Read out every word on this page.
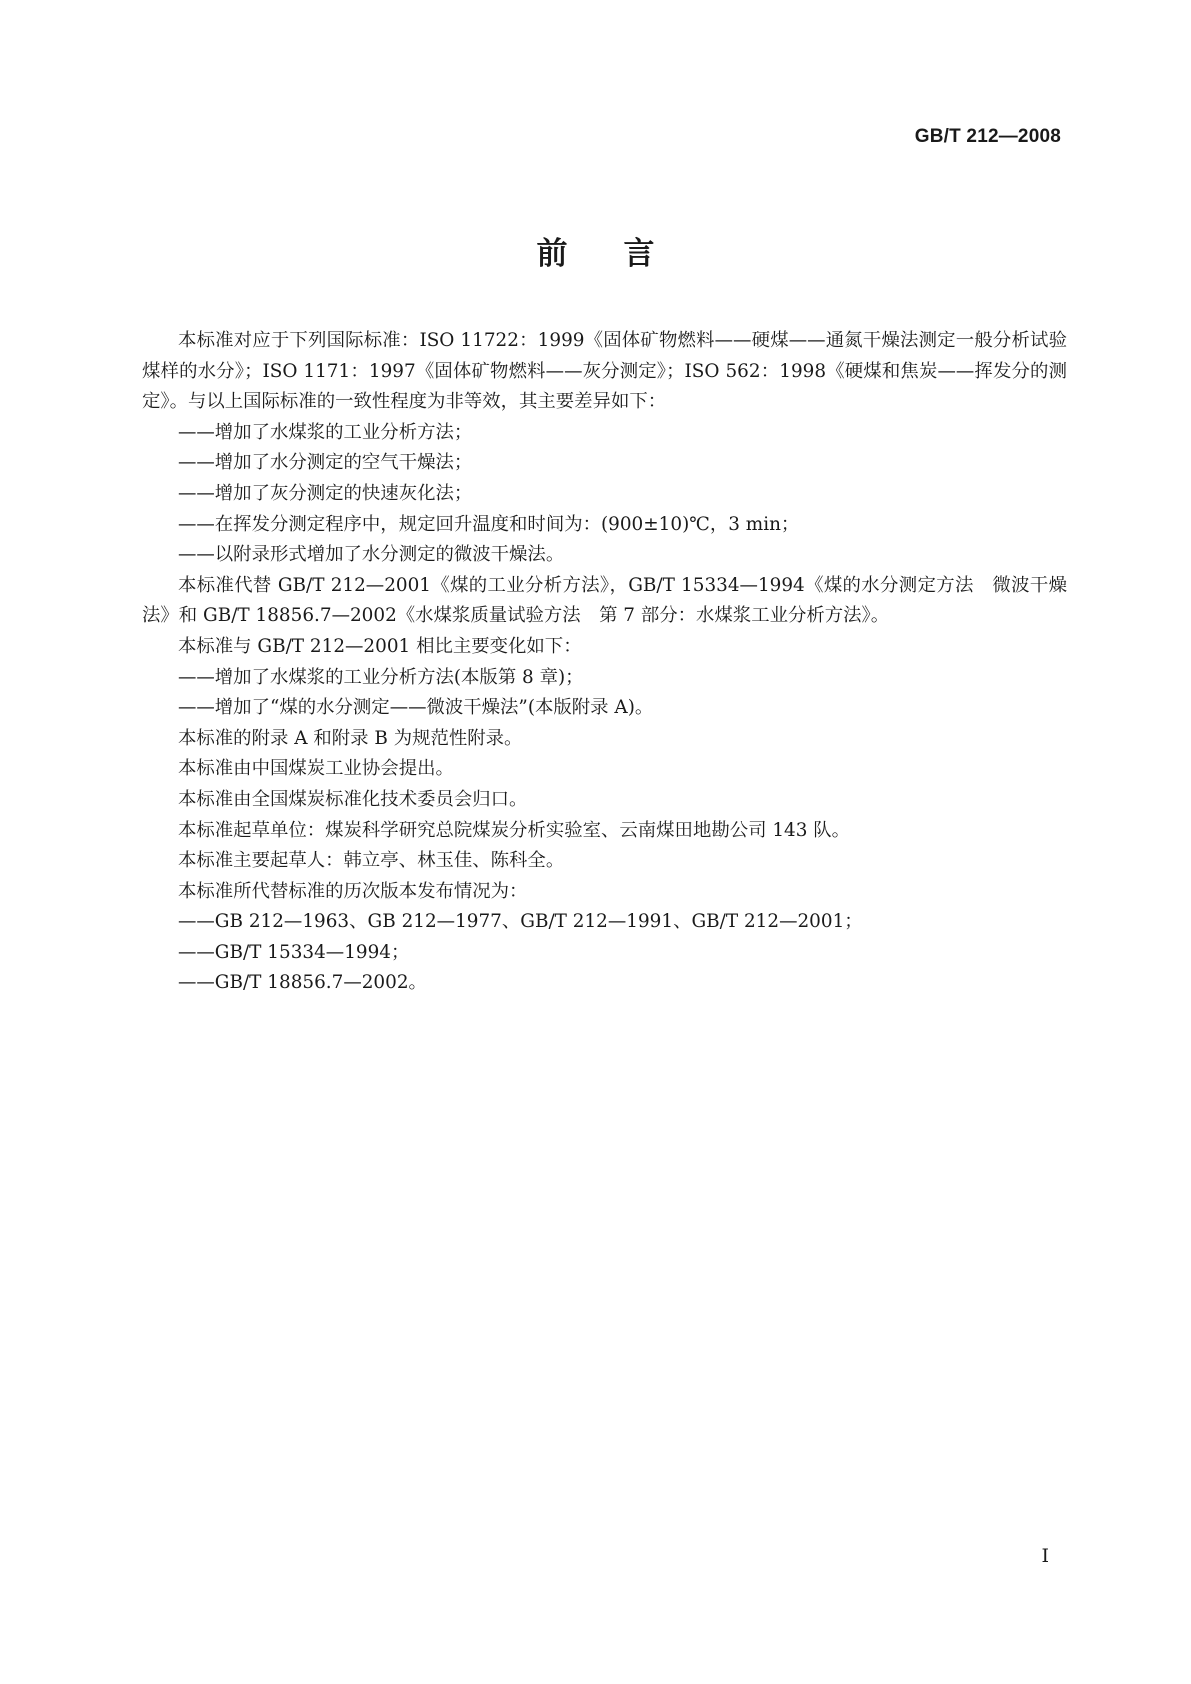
GB/T 212—2008
前言

本标准对应于下列国际标准：ISO 11722：1999《固体矿物燃料——硬煤——通氮干燥法测定一般分析试验煤样的水分》；ISO 1171：1997《固体矿物燃料——灰分测定》；ISO 562：1998《硬煤和焦炭——挥发分的测定》。与以上国际标准的一致性程度为非等效，其主要差异如下：

——增加了水煤浆的工业分析方法；

——增加了水分测定的空气干燥法；

——增加了灰分测定的快速灰化法；

——在挥发分测定程序中，规定回升温度和时间为：(900±10)℃，3 min；

——以附录形式增加了水分测定的微波干燥法。

本标准代替 GB/T 212—2001《煤的工业分析方法》，GB/T 15334—1994《煤的水分测定方法　微波干燥法》和 GB/T 18856.7—2002《水煤浆质量试验方法　第 7 部分：水煤浆工业分析方法》。

本标准与 GB/T 212—2001 相比主要变化如下：

——增加了水煤浆的工业分析方法(本版第 8 章)；

——增加了“煤的水分测定——微波干燥法”(本版附录 A)。

本标准的附录 A 和附录 B 为规范性附录。

本标准由中国煤炭工业协会提出。

本标准由全国煤炭标准化技术委员会归口。

本标准起草单位：煤炭科学研究总院煤炭分析实验室、云南煤田地勘公司 143 队。

本标准主要起草人：韩立亭、林玉佳、陈科全。

本标准所代替标准的历次版本发布情况为：

——GB 212—1963、GB 212—1977、GB/T 212—1991、GB/T 212—2001；

——GB/T 15334—1994；

——GB/T 18856.7—2002。

I
